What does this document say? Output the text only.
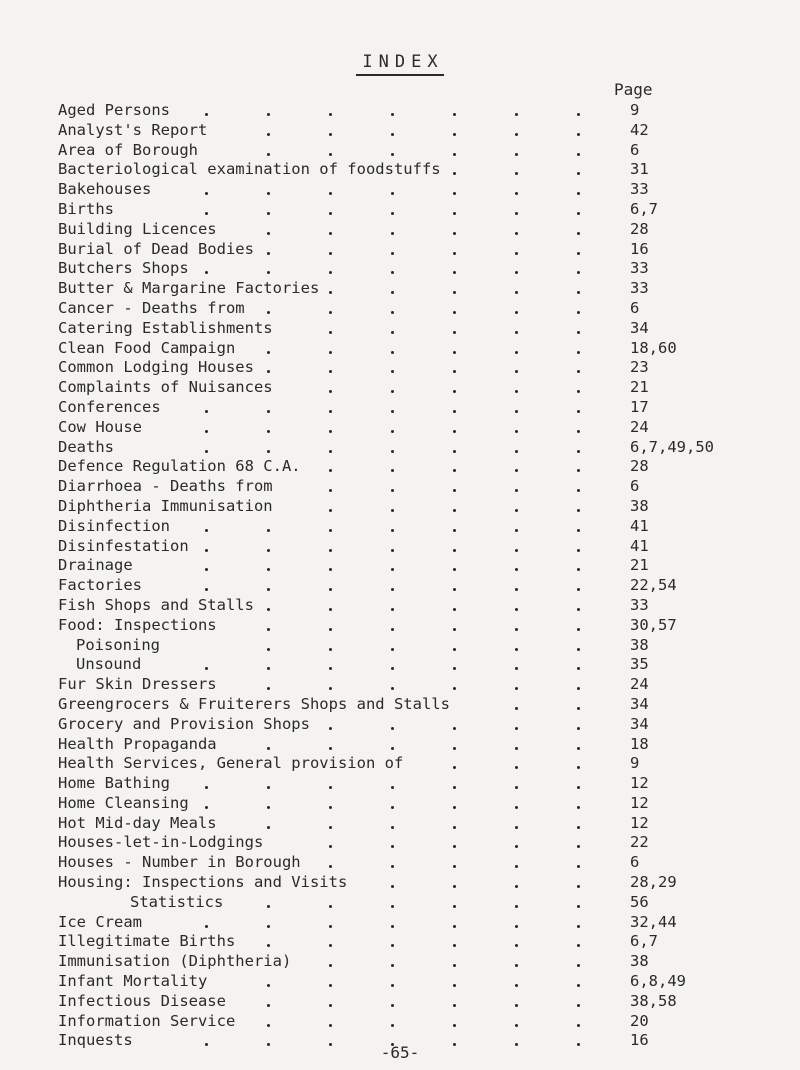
INDEX
Page
Aged Persons	9
Analyst's Report	42
Area of Borough	6
Bacteriological examination of foodstuffs	31
Bakehouses	33
Births	6,7
Building Licences	28
Burial of Dead Bodies	16
Butchers Shops	33
Butter & Margarine Factories	33
Cancer - Deaths from	6
Catering Establishments	34
Clean Food Campaign	18,60
Common Lodging Houses	23
Complaints of Nuisances	21
Conferences	17
Cow House	24
Deaths	6,7,49,50
Defence Regulation 68 C.A.	28
Diarrhoea - Deaths from	6
Diphtheria Immunisation	38
Disinfection	41
Disinfestation	41
Drainage	21
Factories	22,54
Fish Shops and Stalls	33
Food: Inspections	30,57
Poisoning	38
Unsound	35
Fur Skin Dressers	24
Greengrocers & Fruiterers Shops and Stalls	34
Grocery and Provision Shops	34
Health Propaganda	18
Health Services, General provision of	9
Home Bathing	12
Home Cleansing	12
Hot Mid-day Meals	12
Houses-let-in-Lodgings	22
Houses - Number in Borough	6
Housing: Inspections and Visits	28,29
Statistics	56
Ice Cream	32,44
Illegitimate Births	6,7
Immunisation (Diphtheria)	38
Infant Mortality	6,8,49
Infectious Disease	38,58
Information Service	20
Inquests	16
-65-
